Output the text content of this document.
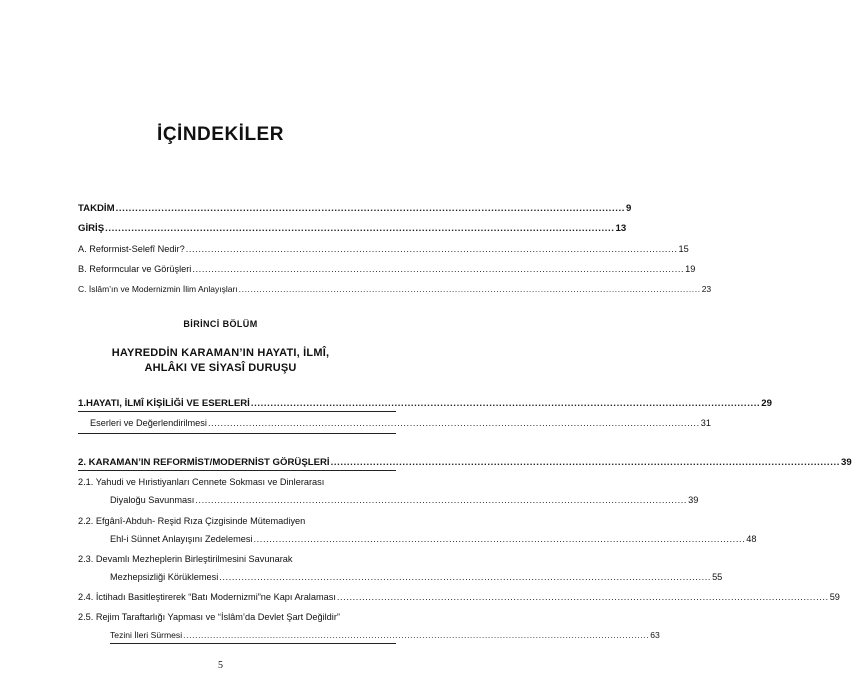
İÇİNDEKİLER
TAKDİM ............................................................................................................................................................ 9
GİRİŞ ............................................................................................................................................................ 13
A. Reformist-Selefî Nedir? ............................................................................................................................................................ 15
B. Reformcular ve Görüşleri ............................................................................................................................................................ 19
C. İslâm’ın ve Modernizmin İlim Anlayışları ............................................................................................................................................................ 23
BİRİNCİ BÖLÜM
HAYREDDİN KARAMAN’IN HAYATI, İLMÎ,
AHLÂKI VE SİYASÎ DURUŞU
1.HAYATI, İLMÎ KİŞİLİĞİ VE ESERLERİ ............................................................................................................................................................ 29
Eserleri ve Değerlendirilmesi ............................................................................................................................................................ 31
2. KARAMAN’IN REFORMİST/MODERNİST GÖRÜŞLERİ ............................................................................................................................................................ 39
2.1. Yahudi ve Hıristiyanları Cennete Sokması ve Dinlerarası
Diyaloğu Savunması ............................................................................................................................................................ 39
2.2. Efgânî-Abduh- Reşid Rıza Çizgisinde Mütemadiyen
Ehl-i Sünnet Anlayışını Zedelemesi ............................................................................................................................................................ 48
2.3. Devamlı Mezheplerin Birleştirilmesini Savunarak
Mezhepsizliği Körüklemesi ............................................................................................................................................................ 55
2.4. İctihadı Basitleştirerek “Batı Modernizmi”ne Kapı Aralaması ............................................................................................................................................................ 59
2.5. Rejim Taraftarlığı Yapması ve “İslâm’da Devlet Şart Değildir”
Tezini İleri Sürmesi ............................................................................................................................................................ 63
5
